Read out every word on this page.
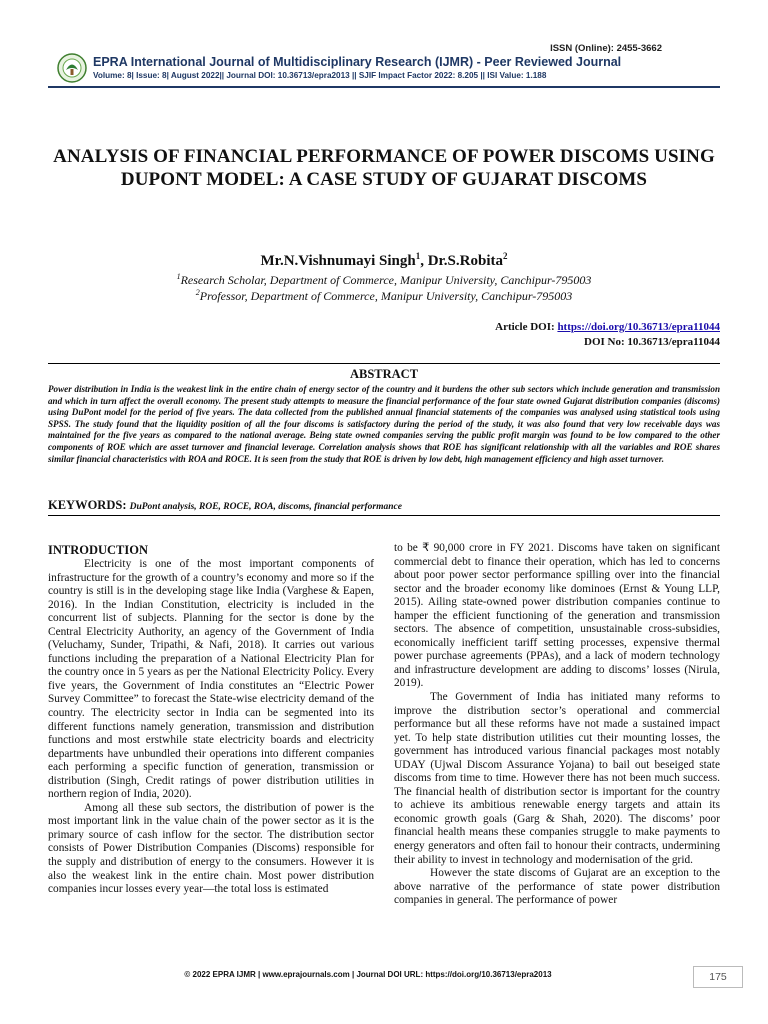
ISSN (Online): 2455-3662
EPRA International Journal of Multidisciplinary Research (IJMR) - Peer Reviewed Journal
Volume: 8| Issue: 8| August 2022|| Journal DOI: 10.36713/epra2013 || SJIF Impact Factor 2022: 8.205 || ISI Value: 1.188
ANALYSIS OF FINANCIAL PERFORMANCE OF POWER DISCOMS USING DUPONT MODEL: A CASE STUDY OF GUJARAT DISCOMS
Mr.N.Vishnumayi Singh$^1$, Dr.S.Robita$^2$
$^1$Research Scholar, Department of Commerce, Manipur University, Canchipur-795003
$^2$Professor, Department of Commerce, Manipur University, Canchipur-795003
Article DOI: https://doi.org/10.36713/epra11044
DOI No: 10.36713/epra11044
ABSTRACT

Power distribution in India is the weakest link in the entire chain of energy sector of the country and it burdens the other sub sectors which include generation and transmission and which in turn affect the overall economy. The present study attempts to measure the financial performance of the four state owned Gujarat distribution companies (discoms) using DuPont model for the period of five years. The data collected from the published annual financial statements of the companies was analysed using statistical tools using SPSS. The study found that the liquidity position of all the four discoms is satisfactory during the period of the study, it was also found that very low receivable days was maintained for the five years as compared to the national average. Being state owned companies serving the public profit margin was found to be low compared to the other components of ROE which are asset turnover and financial leverage. Correlation analysis shows that ROE has significant relationship with all the variables and ROE shares similar financial characteristics with ROA and ROCE. It is seen from the study that ROE is driven by low debt, high management efficiency and high asset turnover.

KEYWORDS: DuPont analysis, ROE, ROCE, ROA, discoms, financial performance
INTRODUCTION

Electricity is one of the most important components of infrastructure for the growth of a country’s economy and more so if the country is still is in the developing stage like India (Varghese & Eapen, 2016). In the Indian Constitution, electricity is included in the concurrent list of subjects. Planning for the sector is done by the Central Electricity Authority, an agency of the Government of India (Veluchamy, Sunder, Tripathi, & Nafi, 2018). It carries out various functions including the preparation of a National Electricity Plan for the country once in 5 years as per the National Electricity Policy. Every five years, the Government of India constitutes an “Electric Power Survey Committee” to forecast the State-wise electricity demand of the country. The electricity sector in India can be segmented into its different functions namely generation, transmission and distribution functions and most erstwhile state electricity boards and electricity departments have unbundled their operations into different companies each performing a specific function of generation, transmission or distribution (Singh, Credit ratings of power distribution utilities in northern region of India, 2020).

Among all these sub sectors, the distribution of power is the most important link in the value chain of the power sector as it is the primary source of cash inflow for the sector. The distribution sector consists of Power Distribution Companies (Discoms) responsible for the supply and distribution of energy to the consumers. However it is also the weakest link in the entire chain. Most power distribution companies incur losses every year—the total loss is estimated

to be ₹ 90,000 crore in FY 2021. Discoms have taken on significant commercial debt to finance their operation, which has led to concerns about poor power sector performance spilling over into the financial sector and the broader economy like dominoes (Ernst & Young LLP, 2015). Ailing state-owned power distribution companies continue to hamper the efficient functioning of the generation and transmission sectors. The absence of competition, unsustainable cross-subsidies, economically inefficient tariff setting processes, expensive thermal power purchase agreements (PPAs), and a lack of modern technology and infrastructure development are adding to discoms’ losses (Nirula, 2019).

The Government of India has initiated many reforms to improve the distribution sector’s operational and commercial performance but all these reforms have not made a sustained impact yet. To help state distribution utilities cut their mounting losses, the government has introduced various financial packages most notably UDAY (Ujwal Discom Assurance Yojana) to bail out beseiged state discoms from time to time. However there has not been much success. The financial health of distribution sector is important for the country to achieve its ambitious renewable energy targets and attain its economic growth goals (Garg & Shah, 2020). The discoms’ poor financial health means these companies struggle to make payments to energy generators and often fail to honour their contracts, undermining their ability to invest in technology and modernisation of the grid.

However the state discoms of Gujarat are an exception to the above narrative of the performance of state power distribution companies in general. The performance of power

© 2022 EPRA IJMR | www.eprajournals.com | Journal DOI URL: https://doi.org/10.36713/epra2013	175
